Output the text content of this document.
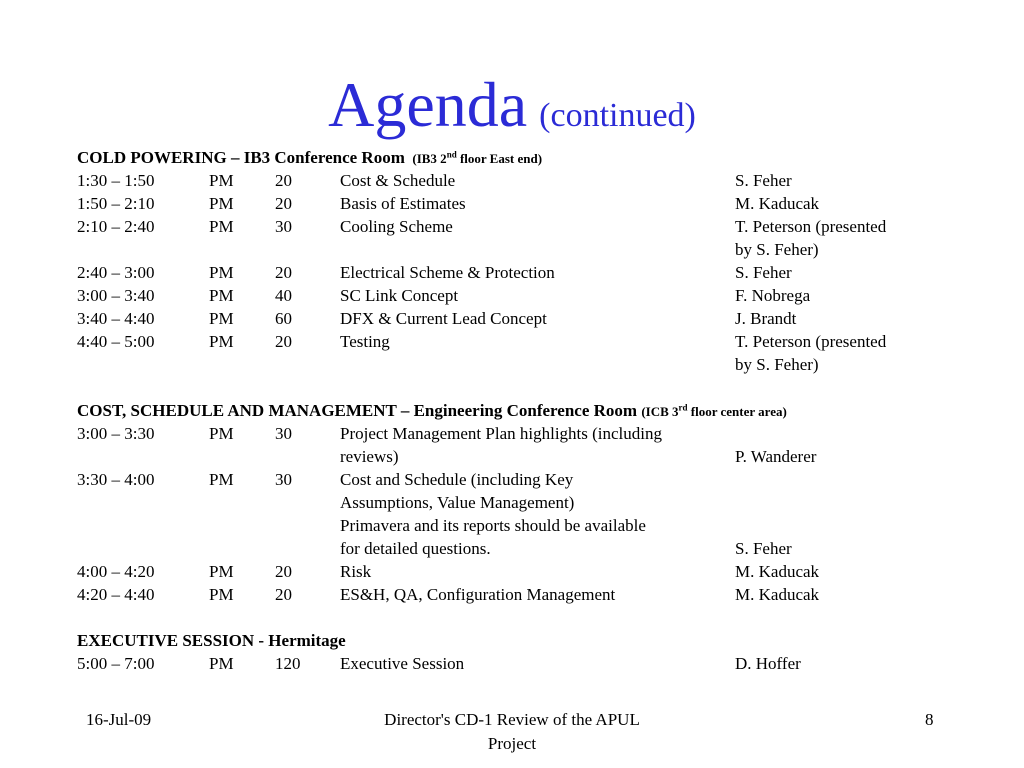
Agenda (continued)
COLD POWERING – IB3 Conference Room (IB3 2nd floor East end)
1:30 – 1:50	PM	20	Cost & Schedule	S. Feher
1:50 – 2:10	PM	20	Basis of Estimates	M. Kaducak
2:10 – 2:40	PM	30	Cooling Scheme	T. Peterson (presented
by S. Feher)
2:40 – 3:00	PM	20	Electrical Scheme & Protection	S. Feher
3:00 – 3:40	PM	40	SC Link Concept	F. Nobrega
3:40 – 4:40	PM	60	DFX & Current Lead Concept	J. Brandt
4:40 – 5:00	PM	20	Testing	T. Peterson (presented
by S. Feher)
COST, SCHEDULE AND MANAGEMENT – Engineering Conference Room (ICB 3rd floor center area)
3:00 – 3:30	PM	30	Project Management Plan highlights (including
reviews)	P. Wanderer
3:30 – 4:00	PM	30	Cost and Schedule (including Key
Assumptions, Value Management)
Primavera and its reports should be available
for detailed questions.	S. Feher
4:00 – 4:20	PM	20	Risk	M. Kaducak
4:20 – 4:40	PM	20	ES&H, QA, Configuration Management	M. Kaducak
EXECUTIVE SESSION - Hermitage
5:00 – 7:00	PM	120	Executive Session	D. Hoffer
16-Jul-09	Director's CD-1 Review of the APUL
Project
8
